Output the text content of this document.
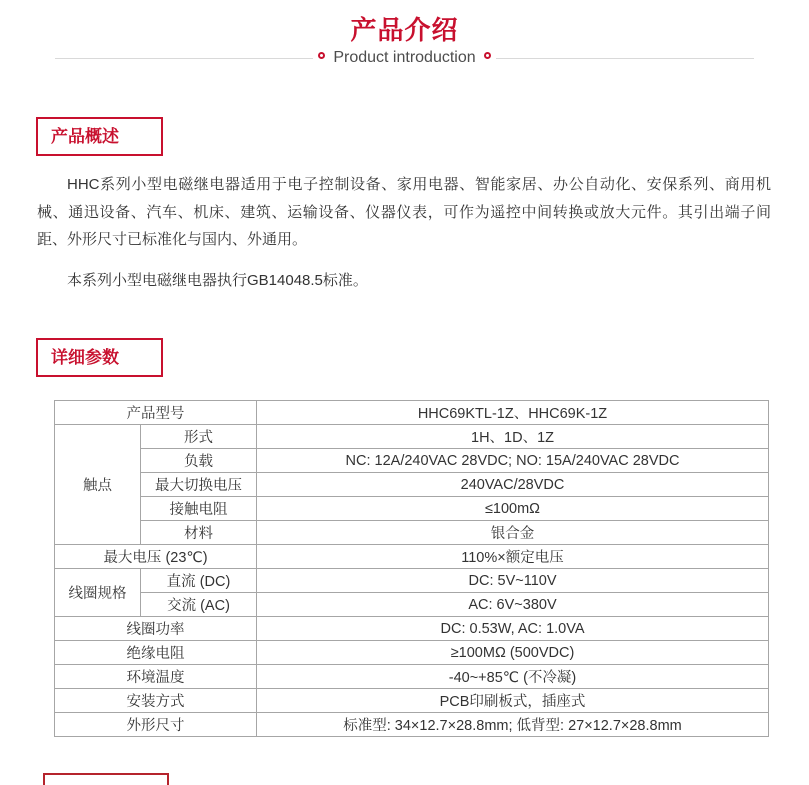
产品介绍
Product introduction
产品概述

HHC系列小型电磁继电器适用于电子控制设备、家用电器、智能家居、办公自动化、安保系列、商用机械、通迅设备、汽车、机床、建筑、运输设备、仪器仪表，可作为遥控中间转换或放大元件。其引出端子间距、外形尺寸已标准化与国内、外通用。

本系列小型电磁继电器执行GB14048.5标准。

详细参数
产品型号		HHC69KTL-1Z、HHC69K-1Z
触点	形式	1H、1D、1Z
	负载	NC: 12A/240VAC 28VDC; NO: 15A/240VAC 28VDC
	最大切换电压	240VAC/28VDC
	接触电阻	≤100mΩ
	材料	银合金
最大电压 (23℃)		110%×额定电压
线圈规格	直流 (DC)	DC: 5V~110V
	交流 (AC)	AC: 6V~380V
线圈功率		DC: 0.53W, AC: 1.0VA
绝缘电阻		≥100MΩ (500VDC)
环境温度		-40~+85℃ (不冷凝)
安装方式		PCB印刷板式，插座式
外形尺寸		标准型: 34×12.7×28.8mm; 低背型: 27×12.7×28.8mm
